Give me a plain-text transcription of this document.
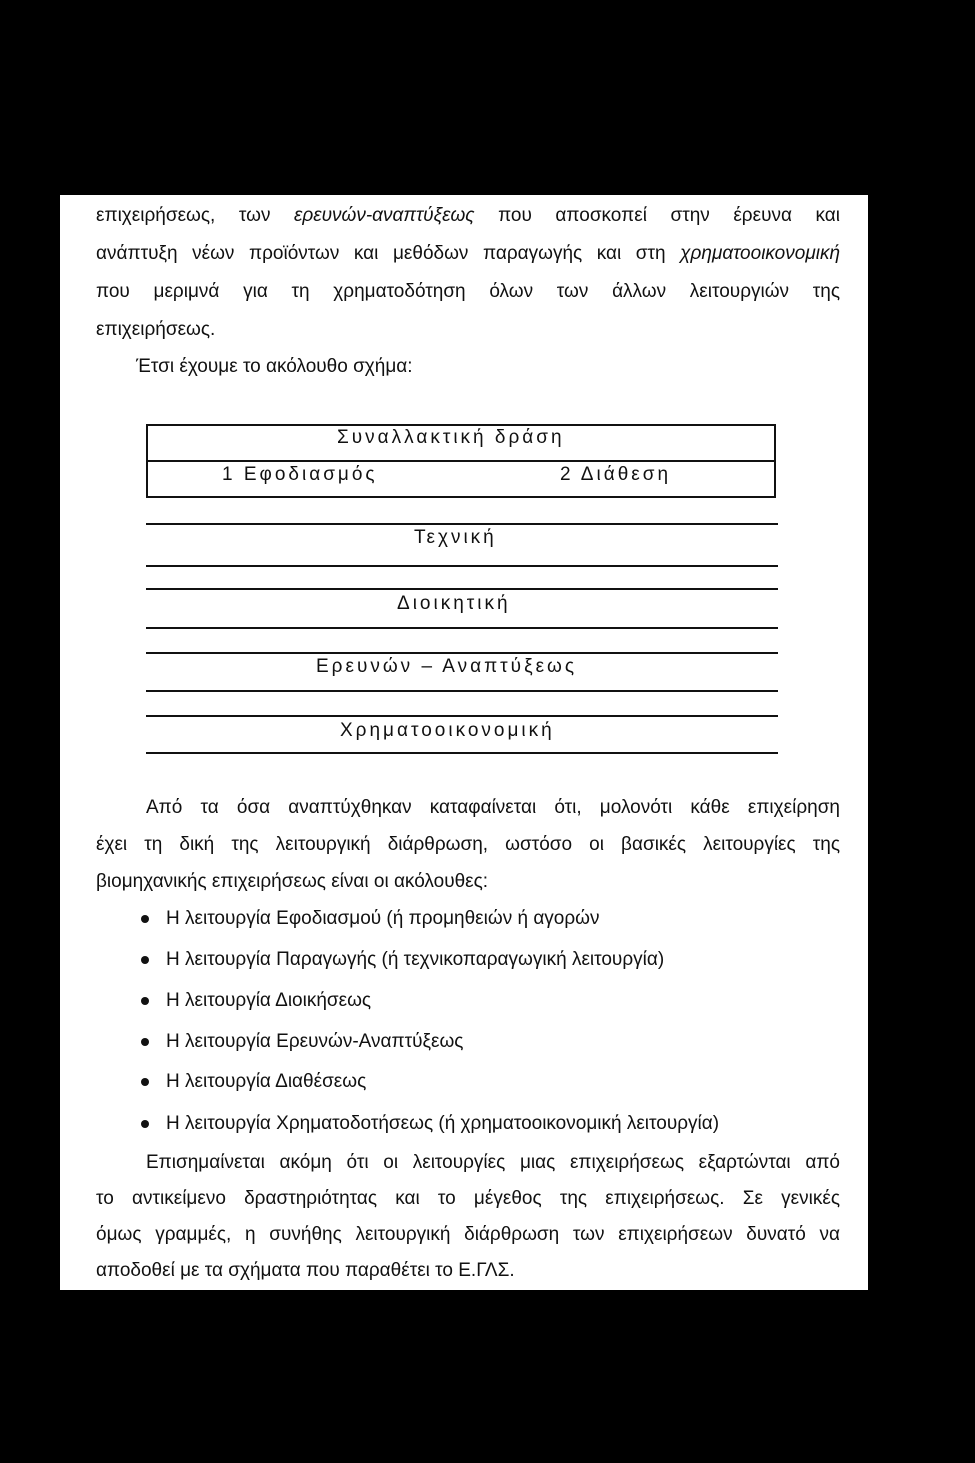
επιχειρήσεως, των ερευνών-αναπτύξεως που αποσκοπεί στην έρευνα και
ανάπτυξη νέων προϊόντων και μεθόδων παραγωγής και στη χρηματοοικονομική
που μεριμνά για τη χρηματοδότηση όλων των άλλων λειτουργιών της
επιχειρήσεως.
Έτσι έχουμε το ακόλουθο σχήμα:
Συναλλακτική δράση
1 Εφοδιασμός	2 Διάθεση
Τεχνική
Διοικητική
Ερευνών – Αναπτύξεως
Χρηματοοικονομική
Από τα όσα αναπτύχθηκαν καταφαίνεται ότι, μολονότι κάθε επιχείρηση
έχει τη δική της λειτουργική διάρθρωση, ωστόσο οι βασικές λειτουργίες της
βιομηχανικής επιχειρήσεως είναι οι ακόλουθες:
Η λειτουργία Εφοδιασμού (ή προμηθειών ή αγορών
Η λειτουργία Παραγωγής (ή τεχνικοπαραγωγική λειτουργία)
Η λειτουργία Διοικήσεως
Η λειτουργία Ερευνών-Αναπτύξεως
Η λειτουργία Διαθέσεως
Η λειτουργία Χρηματοδοτήσεως (ή χρηματοοικονομική λειτουργία)
Επισημαίνεται ακόμη ότι οι λειτουργίες μιας επιχειρήσεως εξαρτώνται από
το αντικείμενο δραστηριότητας και το μέγεθος της επιχειρήσεως. Σε γενικές
όμως γραμμές, η συνήθης λειτουργική διάρθρωση των επιχειρήσεων δυνατό να
αποδοθεί με τα σχήματα που παραθέτει το Ε.ΓΛΣ.
